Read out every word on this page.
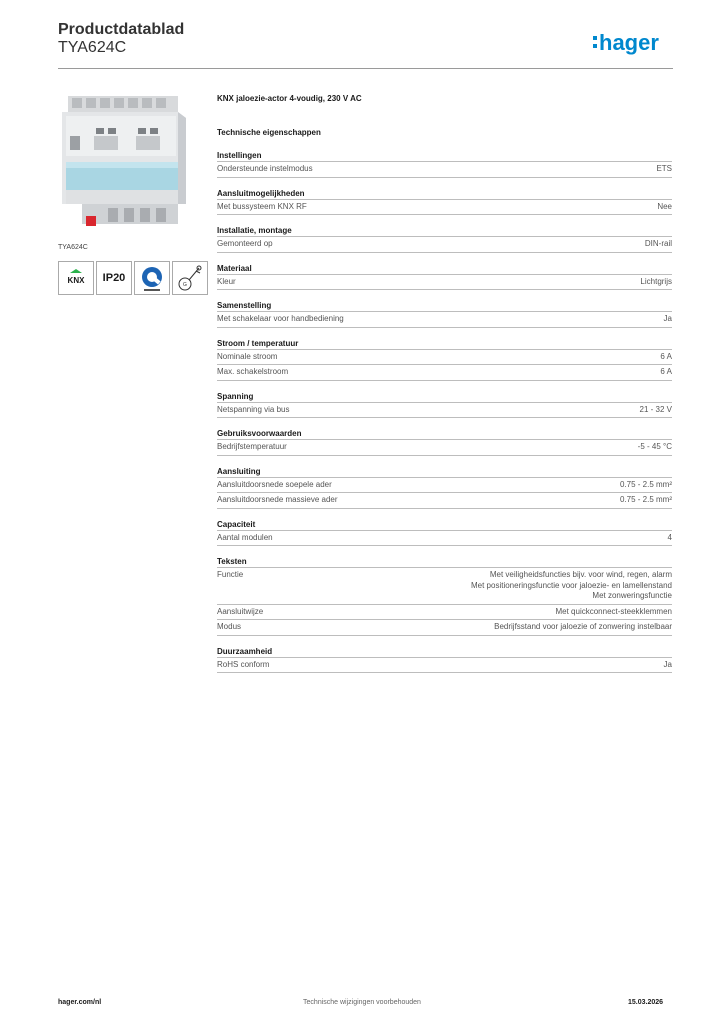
Productdatablad
TYA624C	hager
TYA624C
KNX	IP20
G
KNX jaloezie-actor 4-voudig, 230 V AC
Technische eigenschappen
Instellingen
Ondersteunde instelmodus	ETS
Aansluitmogelijkheden
Met bussysteem KNX RF	Nee
Installatie, montage
Gemonteerd op	DIN-rail
Materiaal
Kleur	Lichtgrijs
Samenstelling
Met schakelaar voor handbediening	Ja
Stroom / temperatuur
Nominale stroom	6 A
Max. schakelstroom	6 A
Spanning
Netspanning via bus	21 - 32 V
Gebruiksvoorwaarden
Bedrijfstemperatuur	-5 - 45 °C
Aansluiting
Aansluitdoorsnede soepele ader	0.75 - 2.5 mm²
Aansluitdoorsnede massieve ader	0.75 - 2.5 mm²
Capaciteit
Aantal modulen	4
Teksten
Functie	Met veiligheidsfuncties bijv. voor wind, regen, alarm
Met positioneringsfunctie voor jaloezie- en lamellenstand
Met zonweringsfunctie
Aansluitwijze	Met quickconnect-steekklemmen
Modus	Bedrijfsstand voor jaloezie of zonwering instelbaar
Duurzaamheid
RoHS conform	Ja
hager.com/nl	Technische wijzigingen voorbehouden	15.03.2026
